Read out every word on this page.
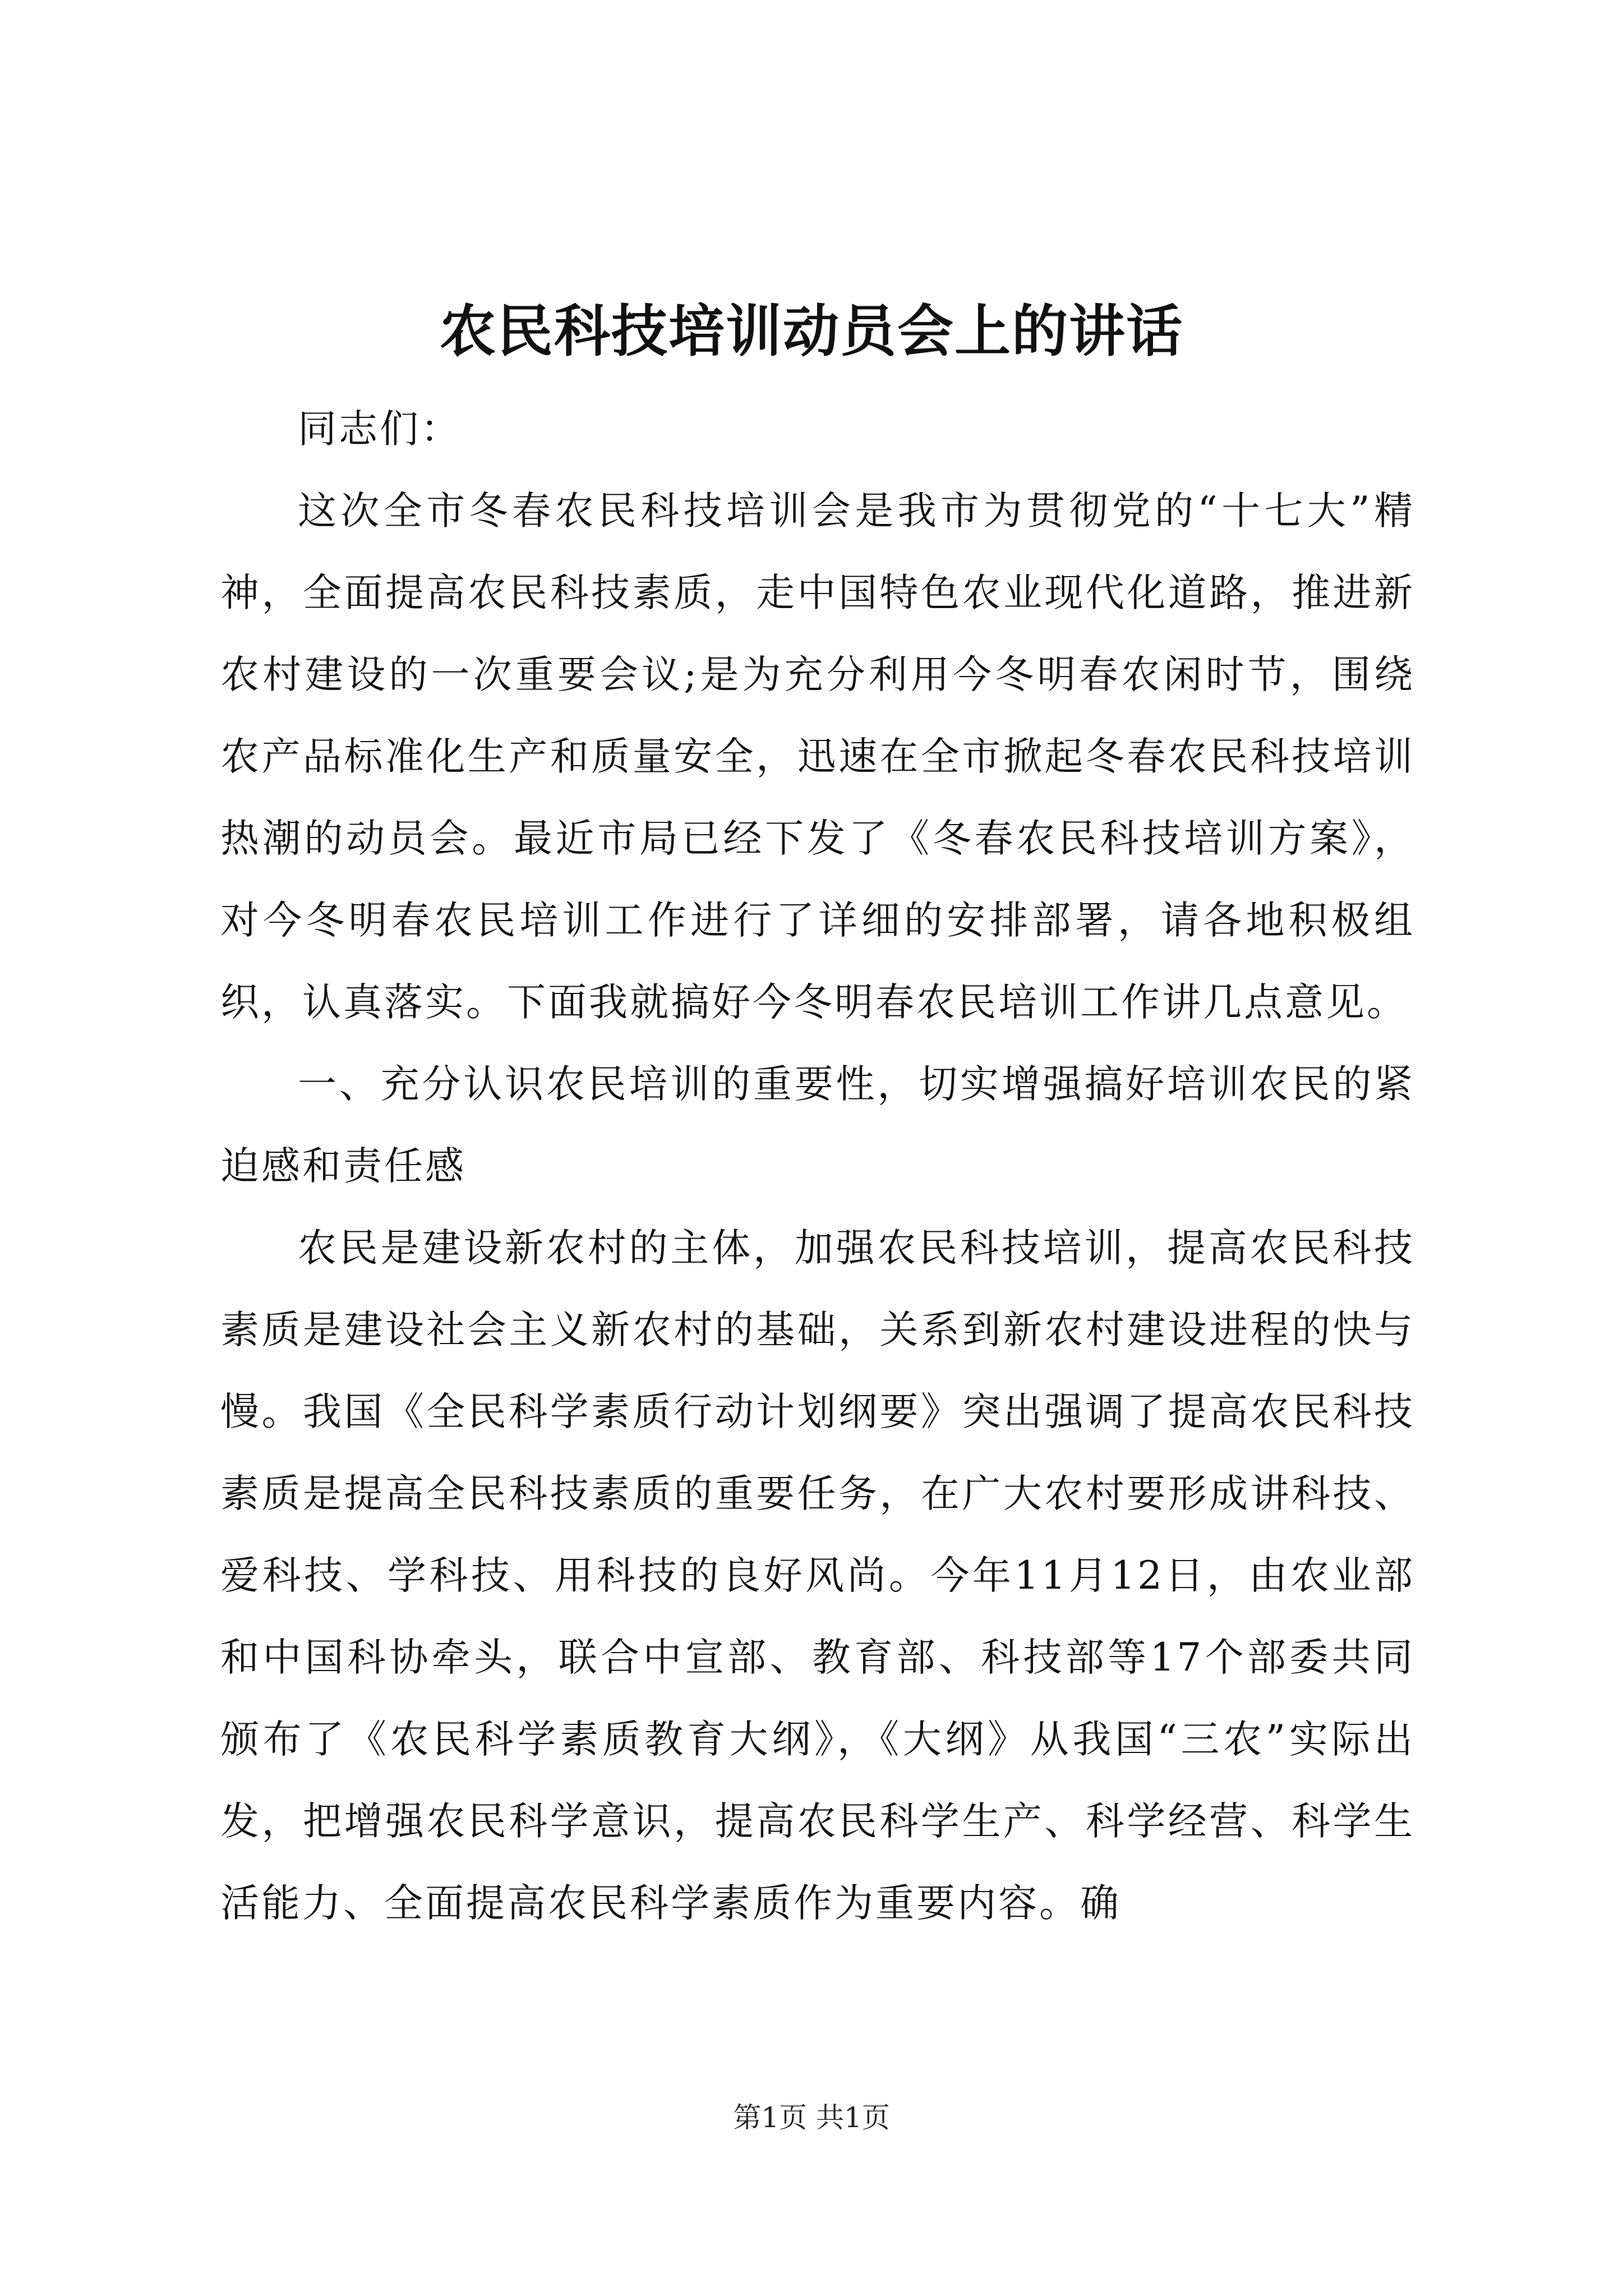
农民科技培训动员会上的讲话

同志们：

这次全市冬春农民科技培训会是我市为贯彻党的“十七大”精神，全面提高农民科技素质，走中国特色农业现代化道路，推进新农村建设的一次重要会议;是为充分利用今冬明春农闲时节，围绕农产品标准化生产和质量安全，迅速在全市掀起冬春农民科技培训热潮的动员会。最近市局已经下发了《冬春农民科技培训方案》，对今冬明春农民培训工作进行了详细的安排部署，请各地积极组织，认真落实。下面我就搞好今冬明春农民培训工作讲几点意见。

一、充分认识农民培训的重要性，切实增强搞好培训农民的紧迫感和责任感

农民是建设新农村的主体，加强农民科技培训，提高农民科技素质是建设社会主义新农村的基础，关系到新农村建设进程的快与慢。我国《全民科学素质行动计划纲要》突出强调了提高农民科技素质是提高全民科技素质的重要任务，在广大农村要形成讲科技、爱科技、学科技、用科技的良好风尚。今年11月12日，由农业部和中国科协牵头，联合中宣部、教育部、科技部等17个部委共同颁布了《农民科学素质教育大纲》，《大纲》从我国“三农”实际出发，把增强农民科学意识，提高农民科学生产、科学经营、科学生活能力、全面提高农民科学素质作为重要内容。确

第1页 共1页
